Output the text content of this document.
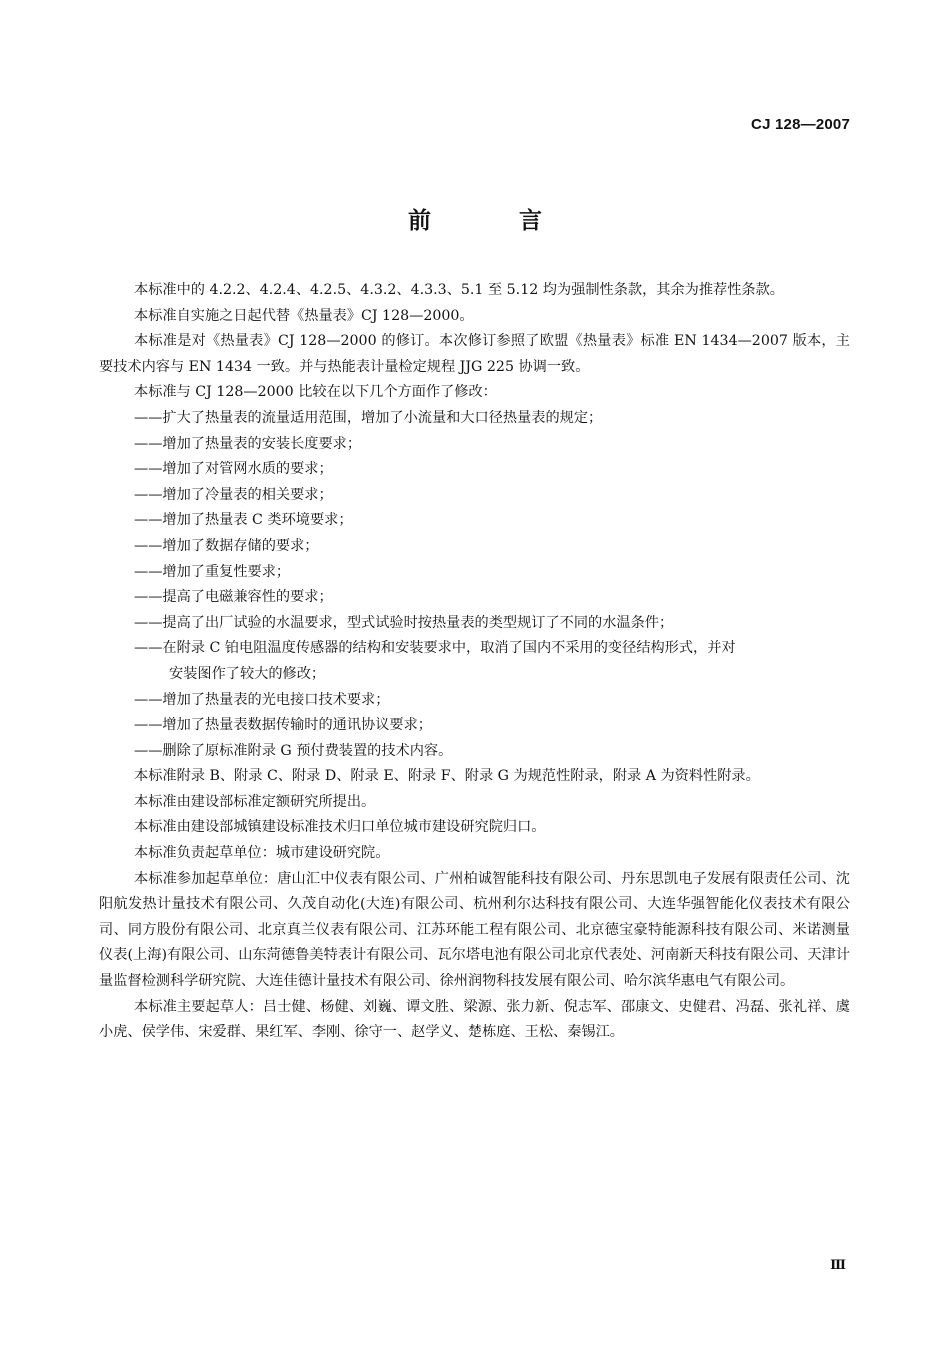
CJ 128—2007
前 言
本标准中的 4.2.2、4.2.4、4.2.5、4.3.2、4.3.3、5.1 至 5.12 均为强制性条款，其余为推荐性条款。
本标准自实施之日起代替《热量表》CJ 128—2000。
本标准是对《热量表》CJ 128—2000 的修订。本次修订参照了欧盟《热量表》标准 EN 1434—2007 版本，主要技术内容与 EN 1434 一致。并与热能表计量检定规程 JJG 225 协调一致。
本标准与 CJ 128—2000 比较在以下几个方面作了修改：
——扩大了热量表的流量适用范围，增加了小流量和大口径热量表的规定；
——增加了热量表的安装长度要求；
——增加了对管网水质的要求；
——增加了冷量表的相关要求；
——增加了热量表 C 类环境要求；
——增加了数据存储的要求；
——增加了重复性要求；
——提高了电磁兼容性的要求；
——提高了出厂试验的水温要求，型式试验时按热量表的类型规订了不同的水温条件；
——在附录 C 铂电阻温度传感器的结构和安装要求中，取消了国内不采用的变径结构形式，并对
安装图作了较大的修改；
——增加了热量表的光电接口技术要求；
——增加了热量表数据传输时的通讯协议要求；
——删除了原标准附录 G 预付费装置的技术内容。
本标准附录 B、附录 C、附录 D、附录 E、附录 F、附录 G 为规范性附录，附录 A 为资料性附录。
本标准由建设部标准定额研究所提出。
本标准由建设部城镇建设标准技术归口单位城市建设研究院归口。
本标准负责起草单位：城市建设研究院。
本标准参加起草单位：唐山汇中仪表有限公司、广州柏诚智能科技有限公司、丹东思凯电子发展有限责任公司、沈阳航发热计量技术有限公司、久茂自动化(大连)有限公司、杭州利尔达科技有限公司、大连华强智能化仪表技术有限公司、同方股份有限公司、北京真兰仪表有限公司、江苏环能工程有限公司、北京德宝豪特能源科技有限公司、米诺测量仪表(上海)有限公司、山东菏德鲁美特表计有限公司、瓦尔塔电池有限公司北京代表处、河南新天科技有限公司、天津计量监督检测科学研究院、大连佳德计量技术有限公司、徐州润物科技发展有限公司、哈尔滨华惠电气有限公司。
本标准主要起草人：吕士健、杨健、刘巍、谭文胜、梁源、张力新、倪志军、邵康文、史健君、冯磊、张礼祥、虞小虎、侯学伟、宋爱群、果红军、李刚、徐守一、赵学义、楚栋庭、王松、秦锡江。
Ⅲ
